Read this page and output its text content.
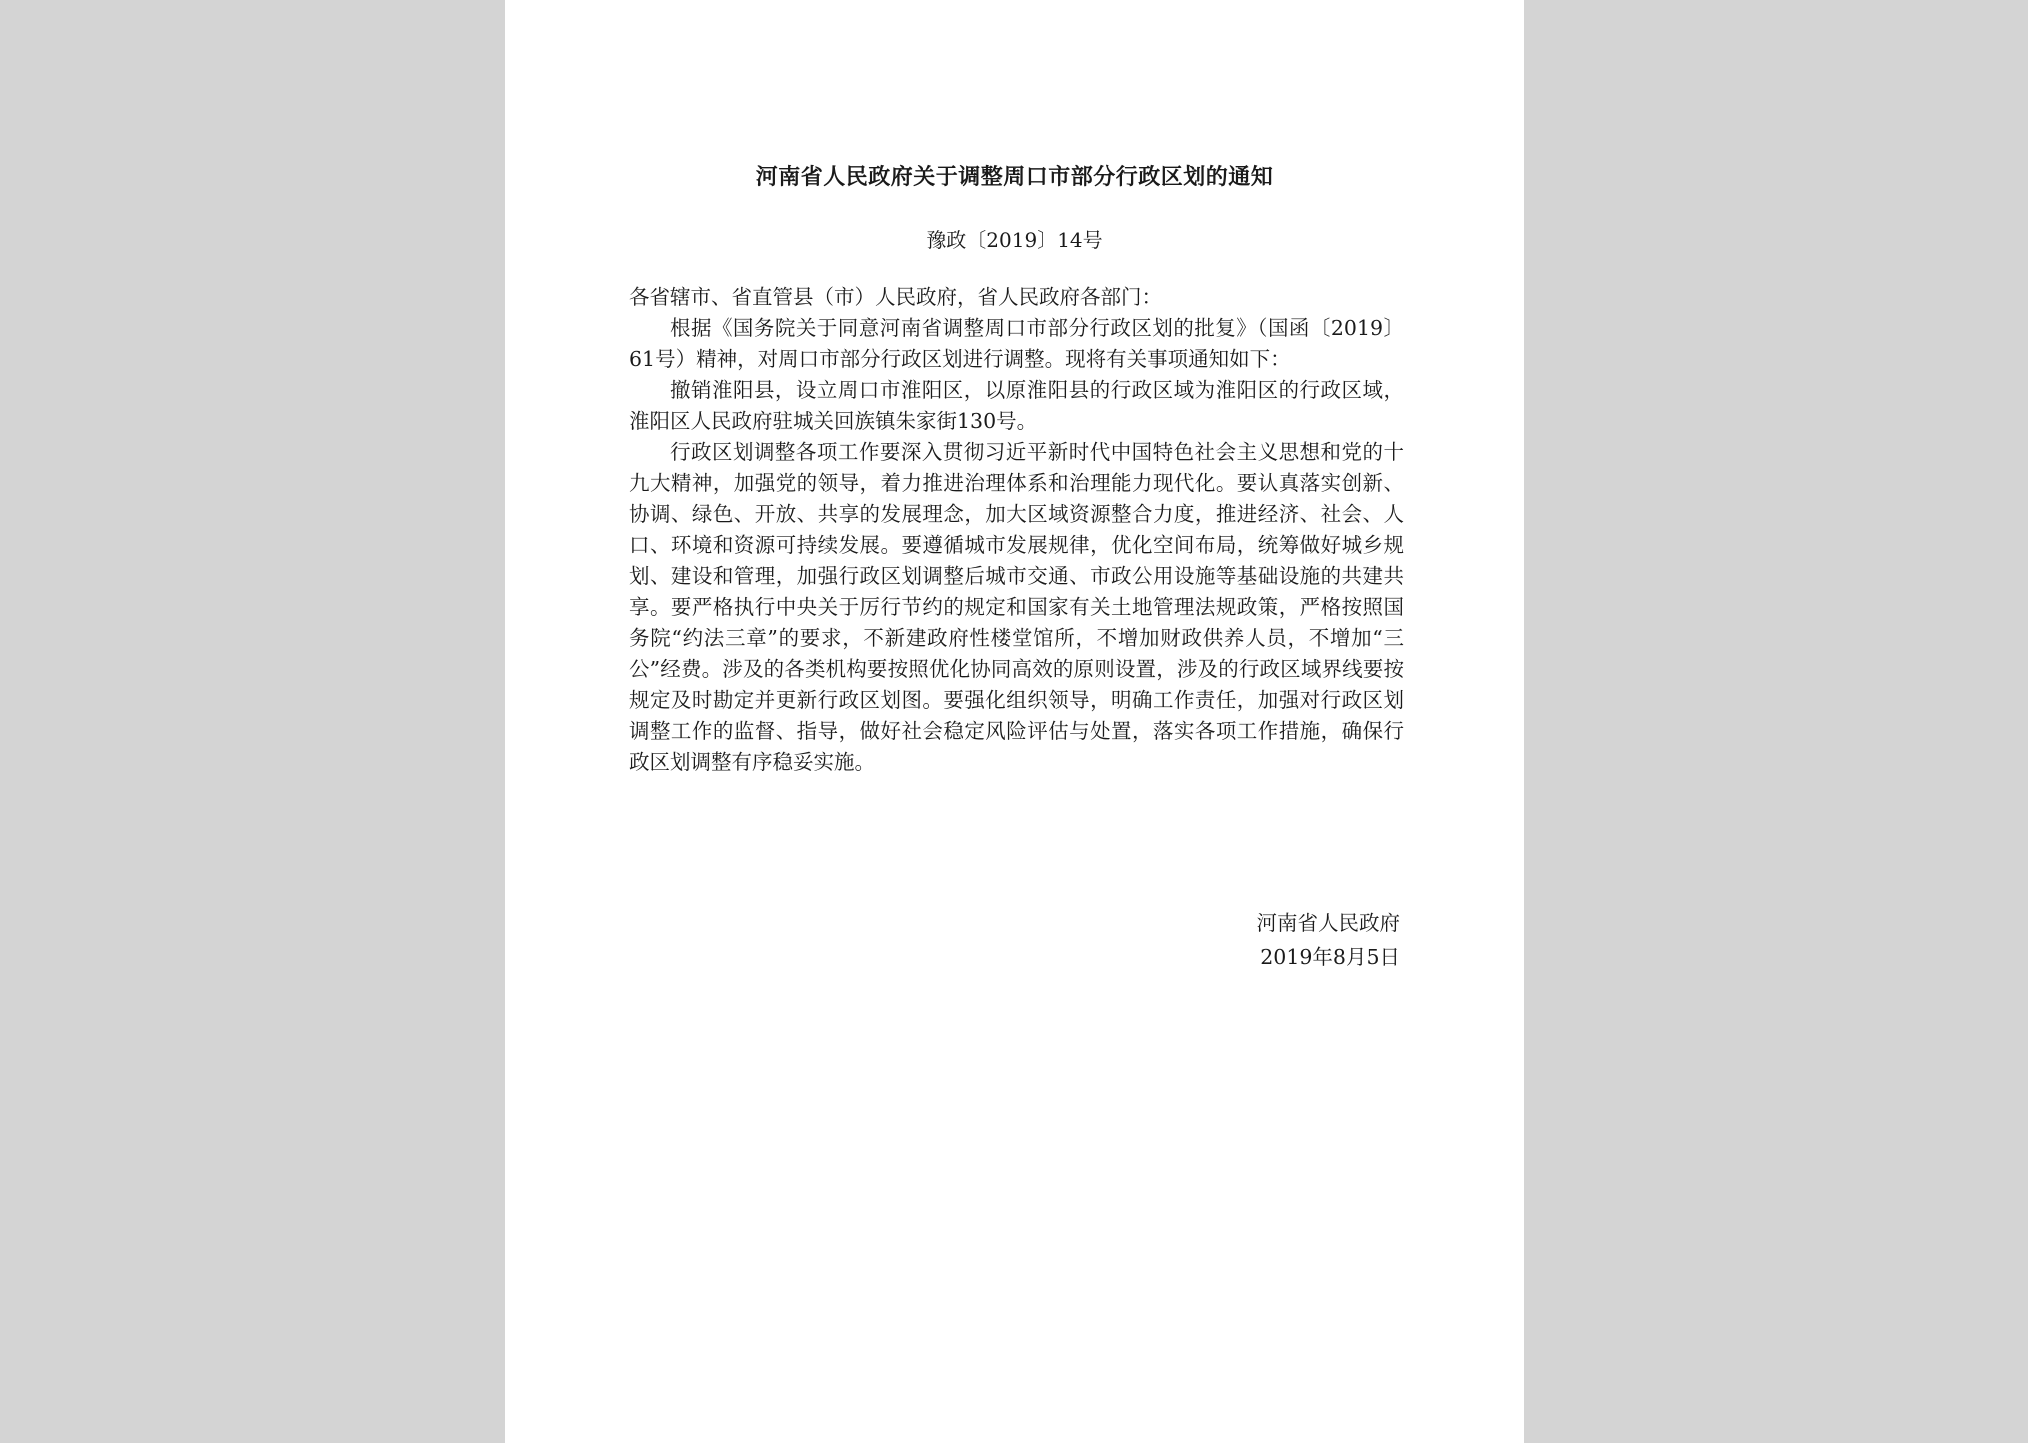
河南省人民政府关于调整周口市部分行政区划的通知
豫政〔2019〕14号

各省辖市、省直管县（市）人民政府，省人民政府各部门：

根据《国务院关于同意河南省调整周口市部分行政区划的批复》（国函〔2019〕61号）精神，对周口市部分行政区划进行调整。现将有关事项通知如下：

撤销淮阳县，设立周口市淮阳区，以原淮阳县的行政区域为淮阳区的行政区域，淮阳区人民政府驻城关回族镇朱家街130号。

行政区划调整各项工作要深入贯彻习近平新时代中国特色社会主义思想和党的十九大精神，加强党的领导，着力推进治理体系和治理能力现代化。要认真落实创新、协调、绿色、开放、共享的发展理念，加大区域资源整合力度，推进经济、社会、人口、环境和资源可持续发展。要遵循城市发展规律，优化空间布局，统筹做好城乡规划、建设和管理，加强行政区划调整后城市交通、市政公用设施等基础设施的共建共享。要严格执行中央关于厉行节约的规定和国家有关土地管理法规政策，严格按照国务院“约法三章”的要求，不新建政府性楼堂馆所，不增加财政供养人员，不增加“三公”经费。涉及的各类机构要按照优化协同高效的原则设置，涉及的行政区域界线要按规定及时勘定并更新行政区划图。要强化组织领导，明确工作责任，加强对行政区划调整工作的监督、指导，做好社会稳定风险评估与处置，落实各项工作措施，确保行政区划调整有序稳妥实施。

河南省人民政府
2019年8月5日
